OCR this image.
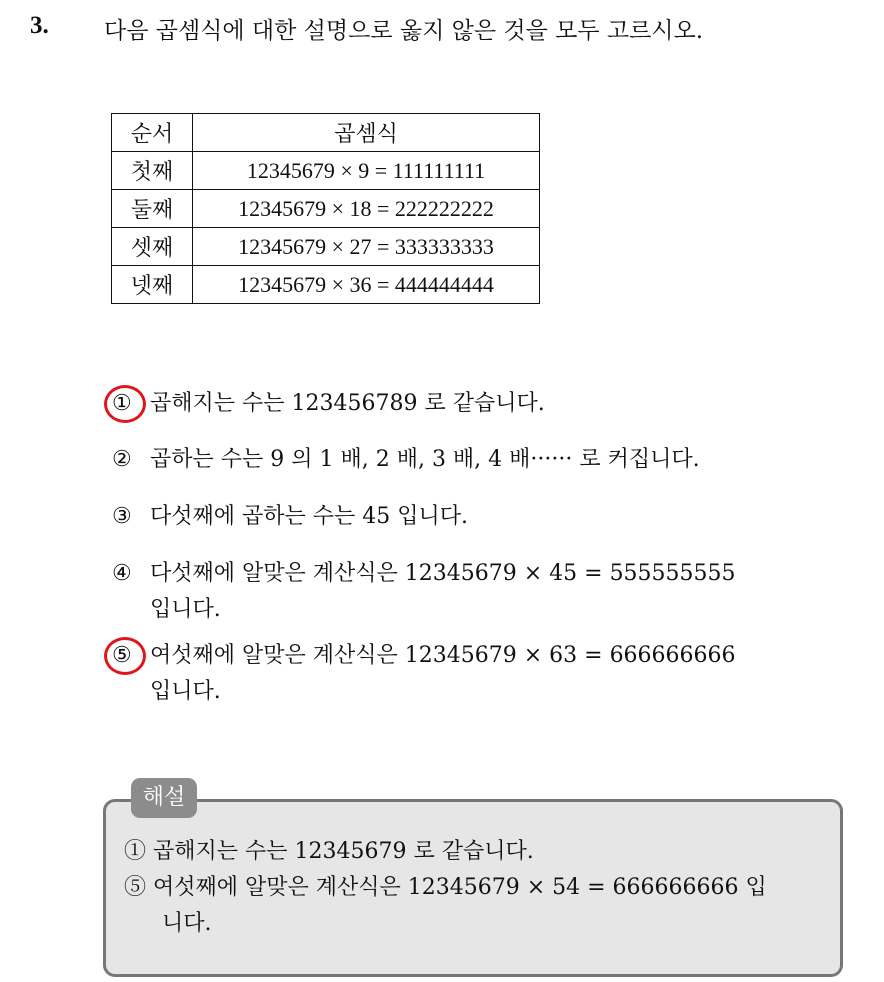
3. 다음 곱셈식에 대한 설명으로 옳지 않은 것을 모두 고르시오.
순서	곱셈식
첫째	12345679 × 9 = 111111111
둘째	12345679 × 18 = 222222222
셋째	12345679 × 27 = 333333333
넷째	12345679 × 36 = 444444444
① 곱해지는 수는 123456789 로 같습니다.
② 곱하는 수는 9 의 1 배, 2 배, 3 배, 4 배······ 로 커집니다.
③ 다섯째에 곱하는 수는 45 입니다.
④ 다섯째에 알맞은 계산식은 12345679 × 45 = 555555555
입니다.
⑤ 여섯째에 알맞은 계산식은 12345679 × 63 = 666666666
입니다.
해설
① 곱해지는 수는 12345679 로 같습니다.
⑤ 여섯째에 알맞은 계산식은 12345679 × 54 = 666666666 입
니다.
